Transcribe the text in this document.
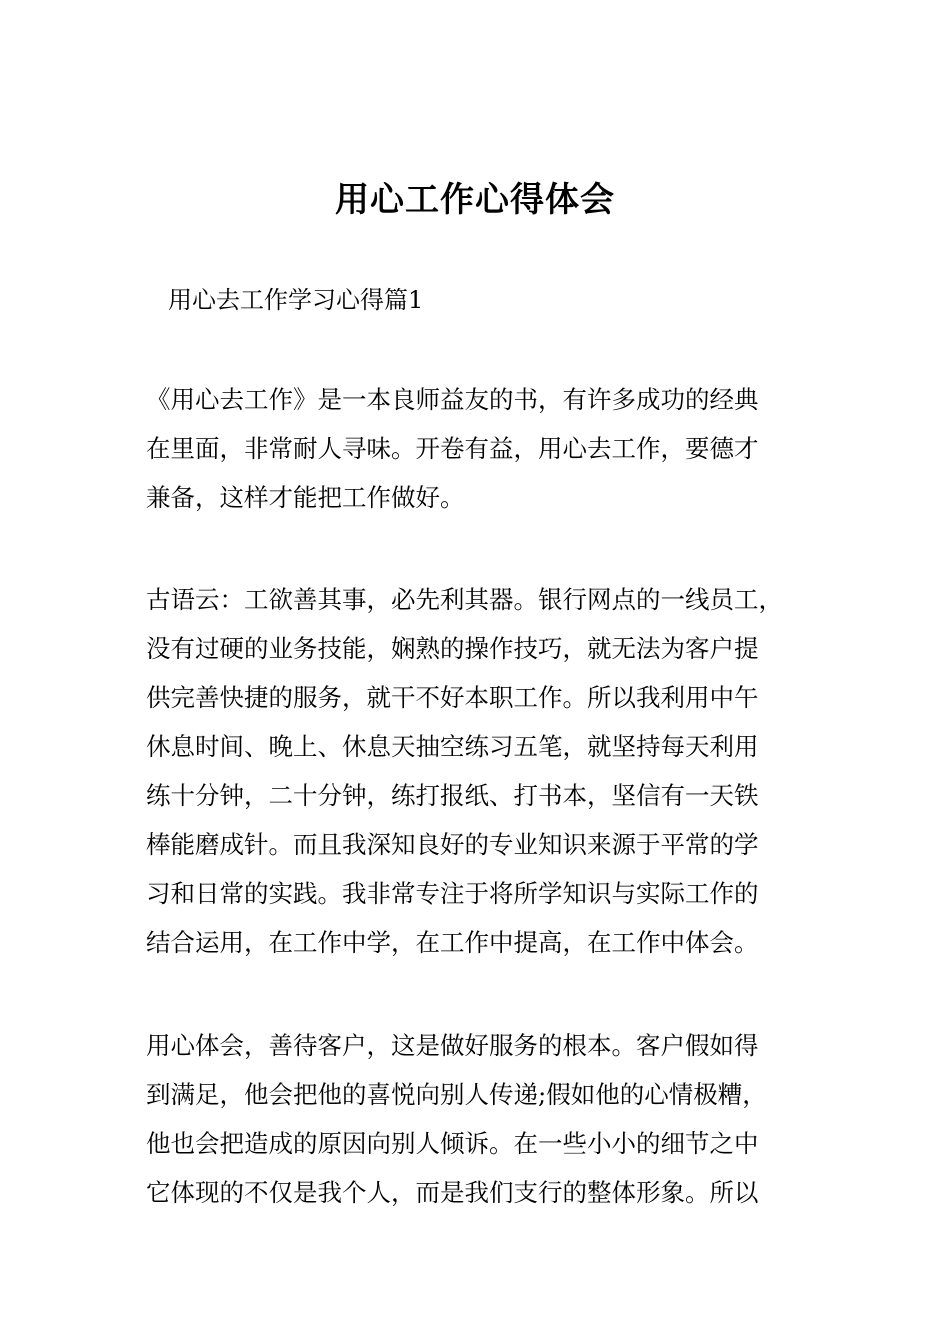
用心工作心得体会
用心去工作学习心得篇1
《用心去工作》是一本良师益友的书，有许多成功的经典
在里面，非常耐人寻味。开卷有益，用心去工作，要德才
兼备，这样才能把工作做好。
古语云：工欲善其事，必先利其器。银行网点的一线员工，
没有过硬的业务技能，娴熟的操作技巧，就无法为客户提
供完善快捷的服务，就干不好本职工作。所以我利用中午
休息时间、晚上、休息天抽空练习五笔，就坚持每天利用
练十分钟，二十分钟，练打报纸、打书本，坚信有一天铁
棒能磨成针。而且我深知良好的专业知识来源于平常的学
习和日常的实践。我非常专注于将所学知识与实际工作的
结合运用，在工作中学，在工作中提高，在工作中体会。
用心体会，善待客户，这是做好服务的根本。客户假如得
到满足，他会把他的喜悦向别人传递;假如他的心情极糟，
他也会把造成的原因向别人倾诉。在一些小小的细节之中
它体现的不仅是我个人，而是我们支行的整体形象。所以
